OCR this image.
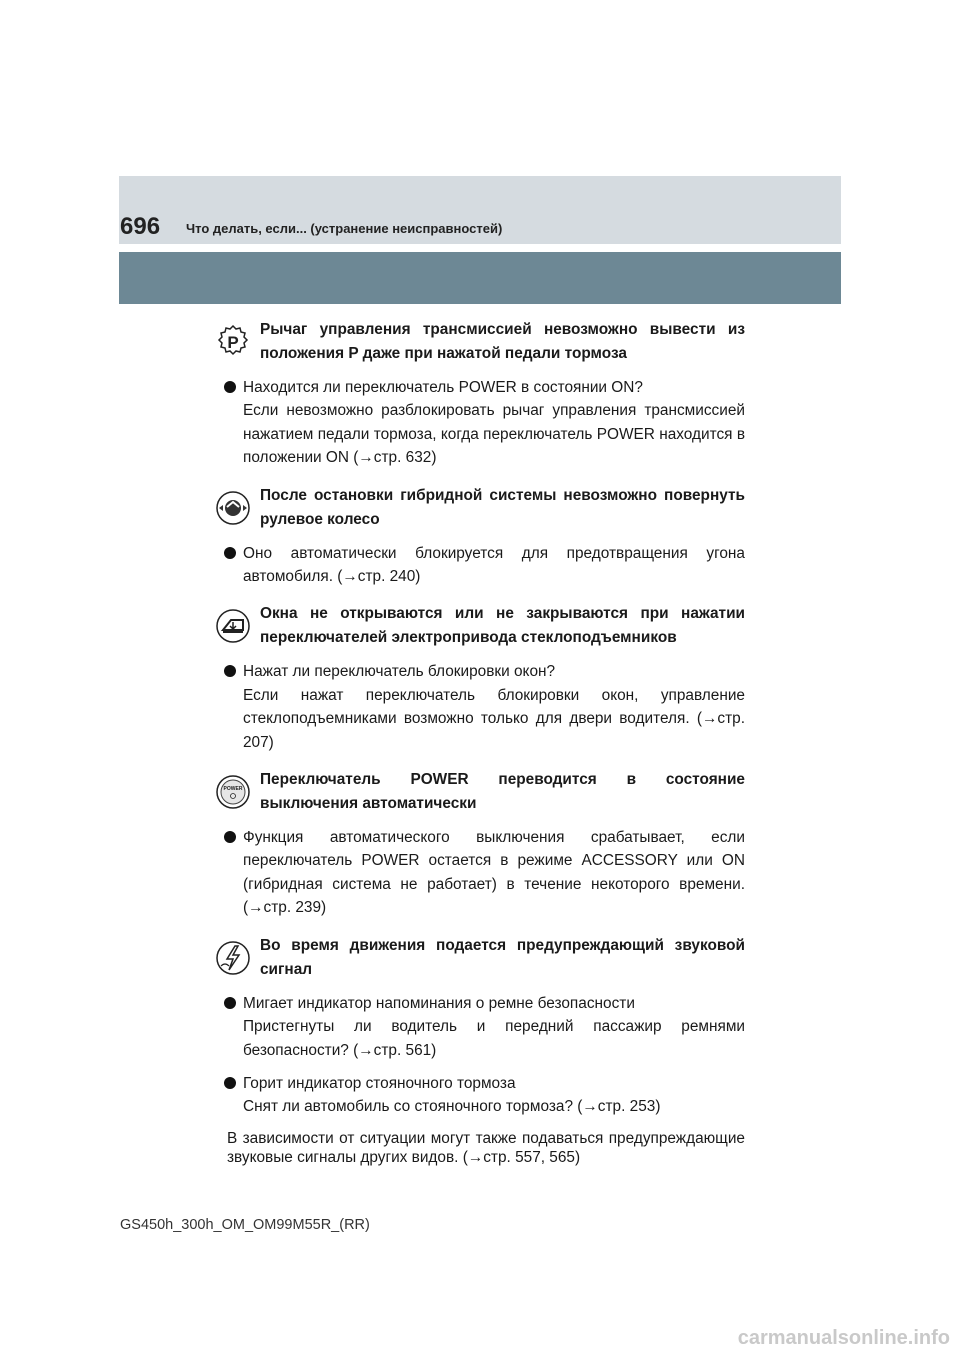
696 Что делать, если... (устранение неисправностей)
P
Рычаг управления трансмиссией невозможно вывести из положения P даже при нажатой педали тормоза
Находится ли переключатель POWER в состоянии ON?
Если невозможно разблокировать рычаг управления трансмиссией нажатием педали тормоза, когда переключатель POWER находится в положении ON (→стр. 632)
После остановки гибридной системы невозможно повернуть рулевое колесо
Оно автоматически блокируется для предотвращения угона автомобиля. (→стр. 240)
Окна не открываются или не закрываются при нажатии переключателей электропривода стеклоподъемников
Нажат ли переключатель блокировки окон?
Если нажат переключатель блокировки окон, управление стеклоподъемниками возможно только для двери водителя. (→стр. 207)
POWER
Переключатель POWER переводится в состояние выключения автоматически
Функция автоматического выключения срабатывает, если переключатель POWER остается в режиме ACCESSORY или ON (гибридная система не работает) в течение некоторого времени. (→стр. 239)
Во время движения подается предупреждающий звуковой сигнал
Мигает индикатор напоминания о ремне безопасности
Пристегнуты ли водитель и передний пассажир ремнями безопасности? (→стр. 561)
Горит индикатор стояночного тормоза
Снят ли автомобиль со стояночного тормоза? (→стр. 253)
В зависимости от ситуации могут также подаваться предупреждающие звуковые сигналы других видов. (→стр. 557, 565)
GS450h_300h_OM_OM99M55R_(RR)
carmanualsonline.info
